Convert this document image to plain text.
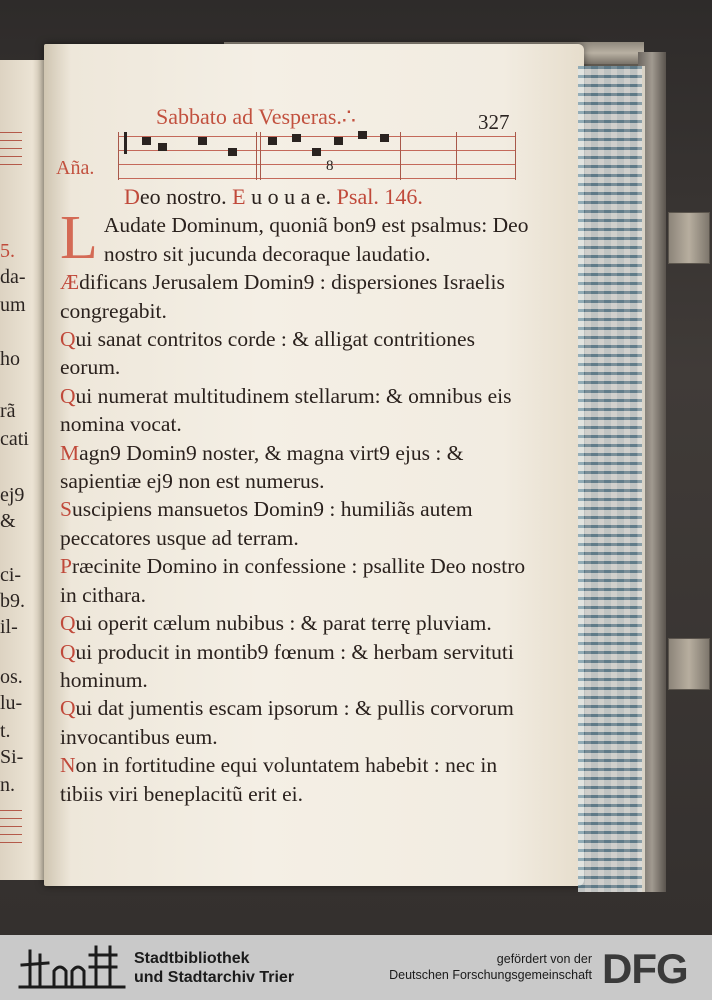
5.
da-
um
ho
rã
cati
ej9
&
ci-
b9.
il-
os.
lu-
t.
Si-
n.
Sabbato ad Vesperas.∴	327
Aña.	8
Deo nostro. E u o u a e. Psal. 146.

L Audate Dominum, quoniã bon9 est psalmus: Deo nostro sit jucunda decoraque laudatio.

Ædificans Jerusalem Domin9 : dispersiones Israelis congregabit.

Qui sanat contritos corde : & alligat contritiones eorum.

Qui numerat multitudinem stellarum: & omnibus eis nomina vocat.

Magn9 Domin9 noster, & magna virt9 ejus : & sapientiæ ej9 non est numerus.

Suscipiens mansuetos Domin9 : humiliãs autem peccatores usque ad terram.

Præcinite Domino in confessione : psallite Deo nostro in cithara.

Qui operit cælum nubibus : & parat terrę pluviam.

Qui producit in montib9 fœnum : & herbam servituti hominum.

Qui dat jumentis escam ipsorum : & pullis corvorum invocantibus eum.

Non in fortitudine equi voluntatem habebit : nec in tibiis viri beneplacitũ erit ei.

Stadtbibliothek
und Stadtarchiv Trier
gefördert von der
Deutschen Forschungsgemeinschaft DFG
